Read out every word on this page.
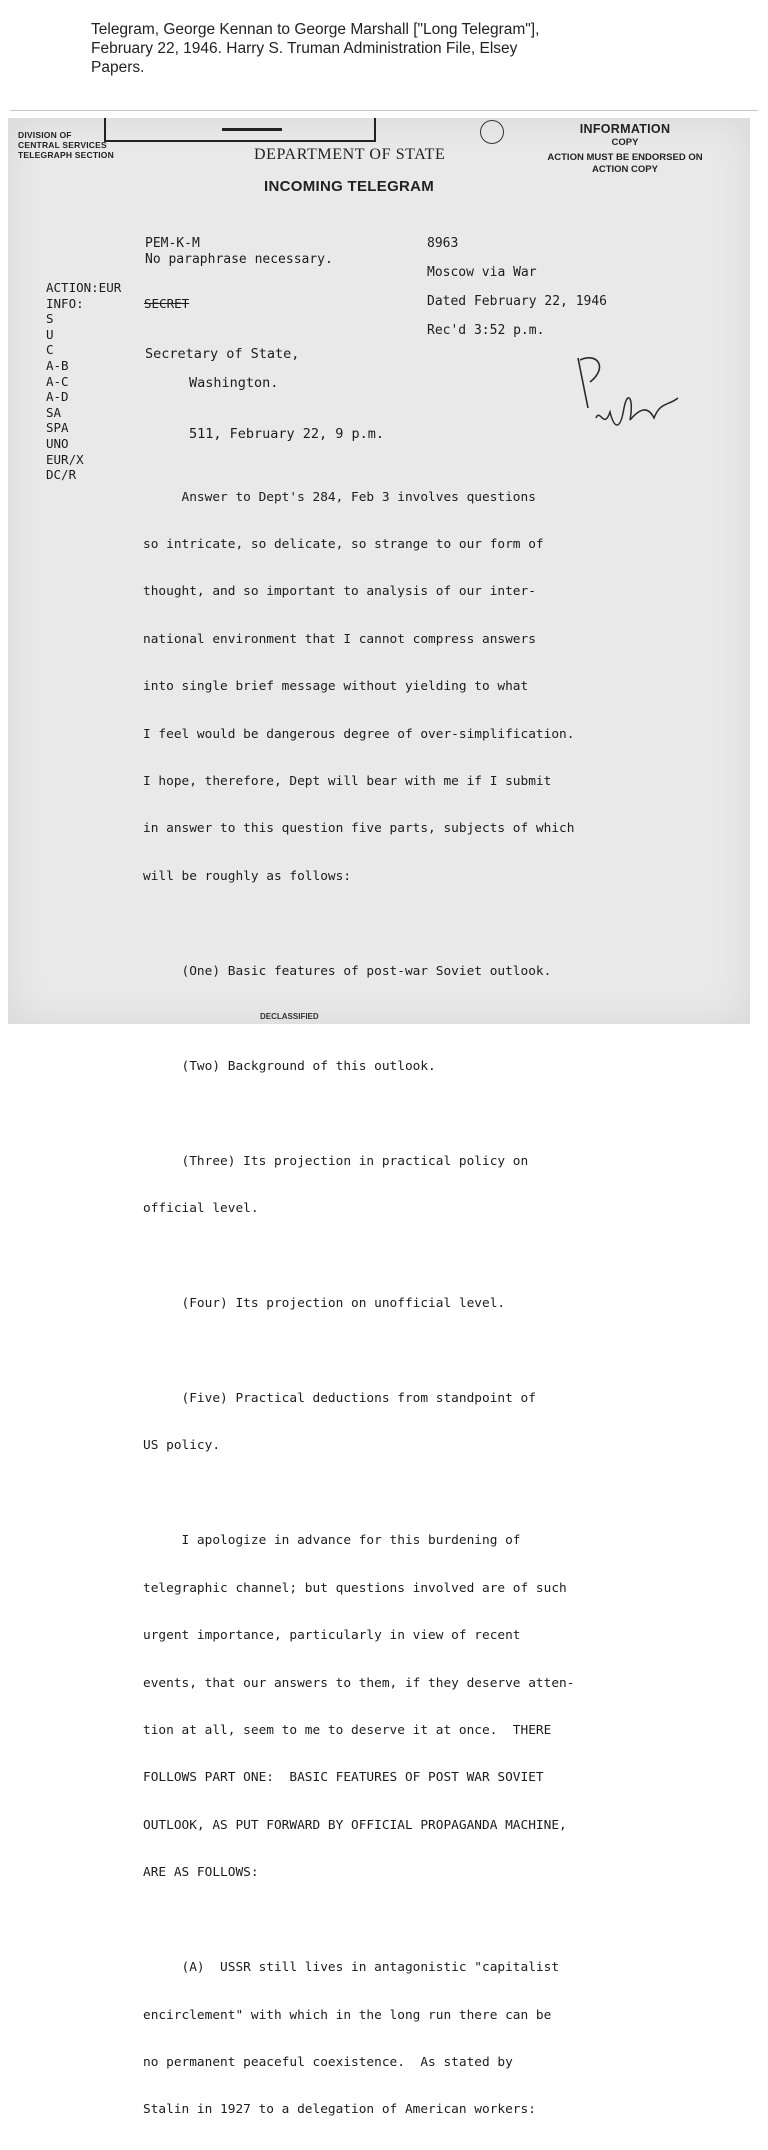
Telegram, George Kennan to George Marshall ["Long Telegram"], February 22, 1946. Harry S. Truman Administration File, Elsey Papers.
DIVISION OF
CENTRAL SERVICES
TELEGRAPH SECTION	DEPARTMENT OF STATE
INCOMING TELEGRAM
INFORMATION
COPY
ACTION MUST BE ENDORSED ON ACTION COPY
PEM-K-M
No paraphrase necessary.
8963
Moscow via War
Dated February 22, 1946
Rec'd 3:52 p.m.
ACTION:EUR
INFO:
S
U
C
A-B
A-C
A-D
SA
SPA
UNO
EUR/X
DC/R
SECRET
Secretary of State,
Washington.
511, February 22, 9 p.m.

Answer to Dept's 284, Feb 3 involves questions

so intricate, so delicate, so strange to our form of

thought, and so important to analysis of our inter-

national environment that I cannot compress answers

into single brief message without yielding to what

I feel would be dangerous degree of over-simplification.

I hope, therefore, Dept will bear with me if I submit

in answer to this question five parts, subjects of which

will be roughly as follows:

(One) Basic features of post-war Soviet outlook.

(Two) Background of this outlook.

(Three) Its projection in practical policy on

official level.

(Four) Its projection on unofficial level.

(Five) Practical deductions from standpoint of

US policy.

I apologize in advance for this burdening of

telegraphic channel; but questions involved are of such

urgent importance, particularly in view of recent

events, that our answers to them, if they deserve atten-

tion at all, seem to me to deserve it at once.  THERE

FOLLOWS PART ONE:  BASIC FEATURES OF POST WAR SOVIET

OUTLOOK, AS PUT FORWARD BY OFFICIAL PROPAGANDA MACHINE,

ARE AS FOLLOWS:

(A)  USSR still lives in antagonistic "capitalist

encirclement" with which in the long run there can be

no permanent peaceful coexistence.  As stated by

Stalin in 1927 to a delegation of American workers:

DECLASSIFIED
